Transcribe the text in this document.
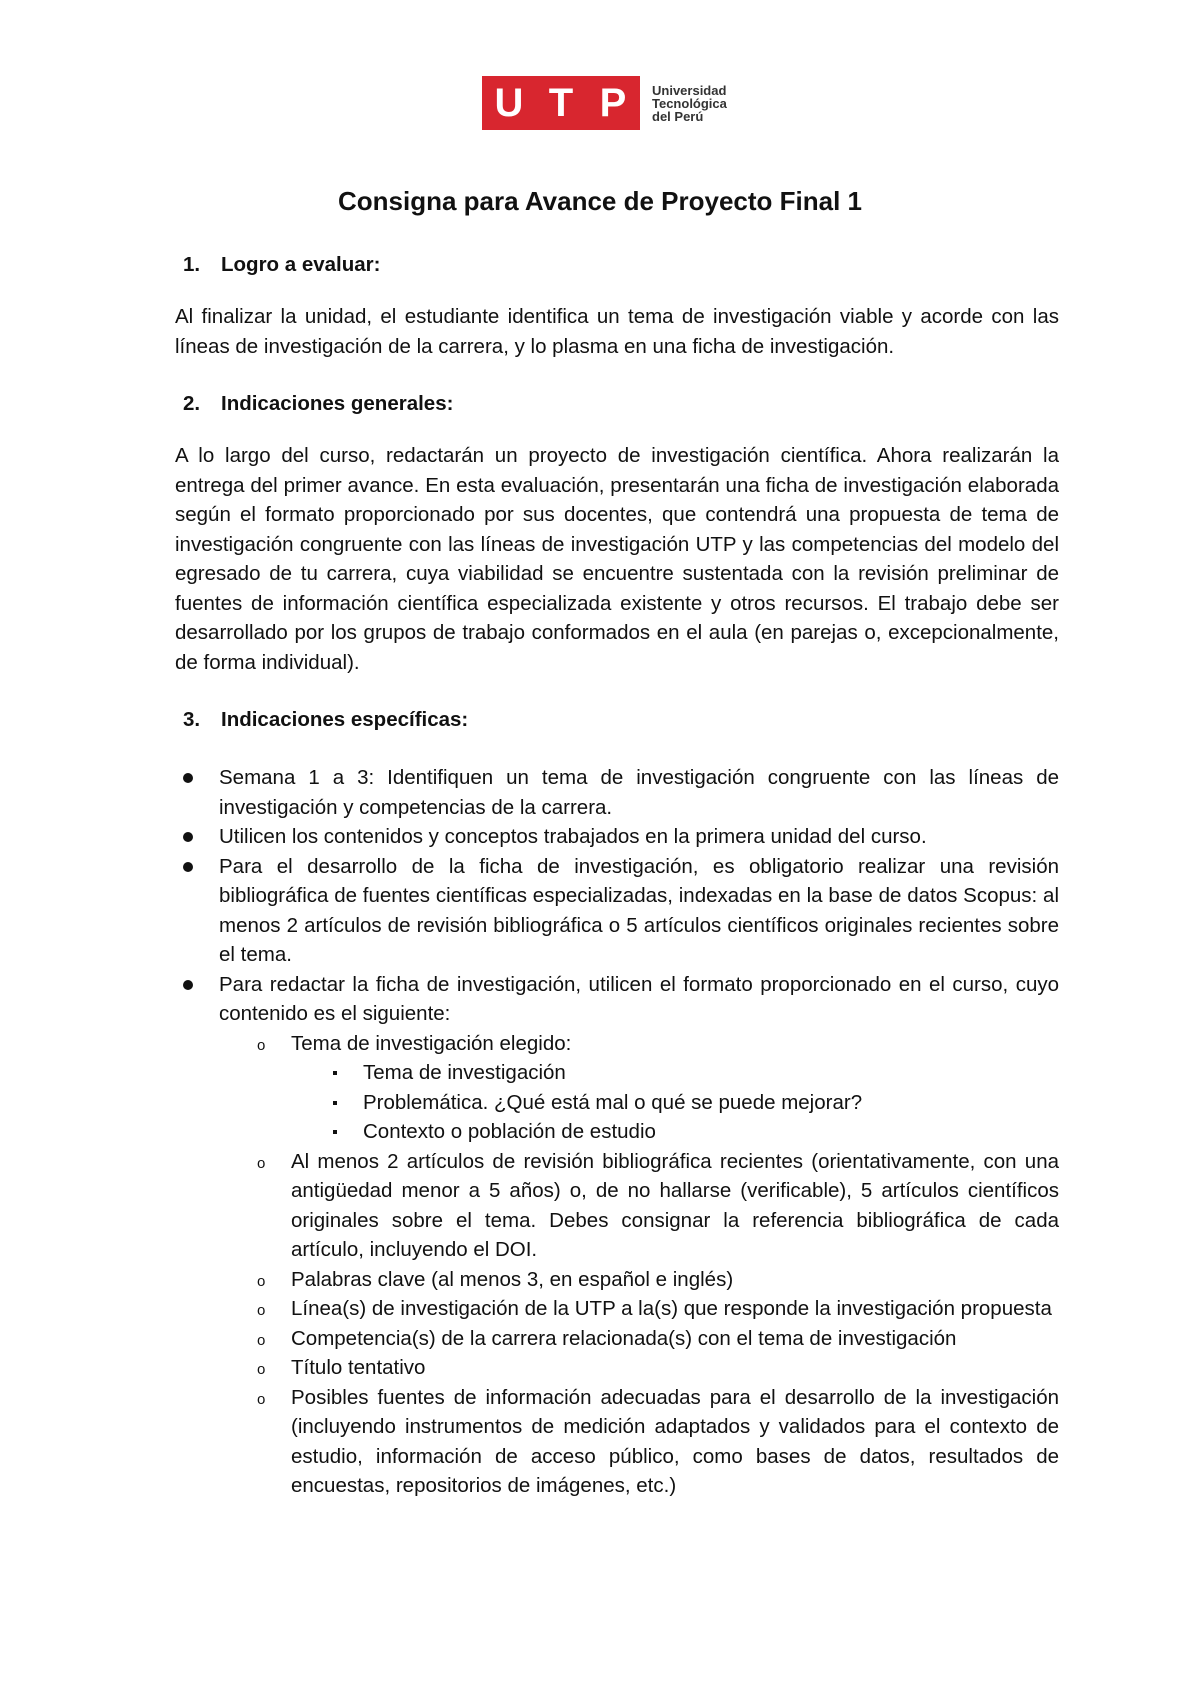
U T P	Universidad
Tecnológica
del Perú
Consigna para Avance de Proyecto Final 1
1. Logro a evaluar:

Al finalizar la unidad, el estudiante identifica un tema de investigación viable y acorde con las líneas de investigación de la carrera, y lo plasma en una ficha de investigación.

2. Indicaciones generales:

A lo largo del curso, redactarán un proyecto de investigación científica. Ahora realizarán la entrega del primer avance. En esta evaluación, presentarán una ficha de investigación elaborada según el formato proporcionado por sus docentes, que contendrá una propuesta de tema de investigación congruente con las líneas de investigación UTP y las competencias del modelo del egresado de tu carrera, cuya viabilidad se encuentre sustentada con la revisión preliminar de fuentes de información científica especializada existente y otros recursos. El trabajo debe ser desarrollado por los grupos de trabajo conformados en el aula (en parejas o, excepcionalmente, de forma individual).

3. Indicaciones específicas:
Semana 1 a 3: Identifiquen un tema de investigación congruente con las líneas de investigación y competencias de la carrera.
Utilicen los contenidos y conceptos trabajados en la primera unidad del curso.
Para el desarrollo de la ficha de investigación, es obligatorio realizar una revisión bibliográfica de fuentes científicas especializadas, indexadas en la base de datos Scopus: al menos 2 artículos de revisión bibliográfica o 5 artículos científicos originales recientes sobre el tema.
Para redactar la ficha de investigación, utilicen el formato proporcionado en el curso, cuyo contenido es el siguiente:
o Tema de investigación elegido:
Tema de investigación
Problemática. ¿Qué está mal o qué se puede mejorar?
Contexto o población de estudio
o Al menos 2 artículos de revisión bibliográfica recientes (orientativamente, con una antigüedad menor a 5 años) o, de no hallarse (verificable), 5 artículos científicos originales sobre el tema. Debes consignar la referencia bibliográfica de cada artículo, incluyendo el DOI.
o Palabras clave (al menos 3, en español e inglés)
o Línea(s) de investigación de la UTP a la(s) que responde la investigación propuesta
o Competencia(s) de la carrera relacionada(s) con el tema de investigación
o Título tentativo
o Posibles fuentes de información adecuadas para el desarrollo de la investigación (incluyendo instrumentos de medición adaptados y validados para el contexto de estudio, información de acceso público, como bases de datos, resultados de encuestas, repositorios de imágenes, etc.)
